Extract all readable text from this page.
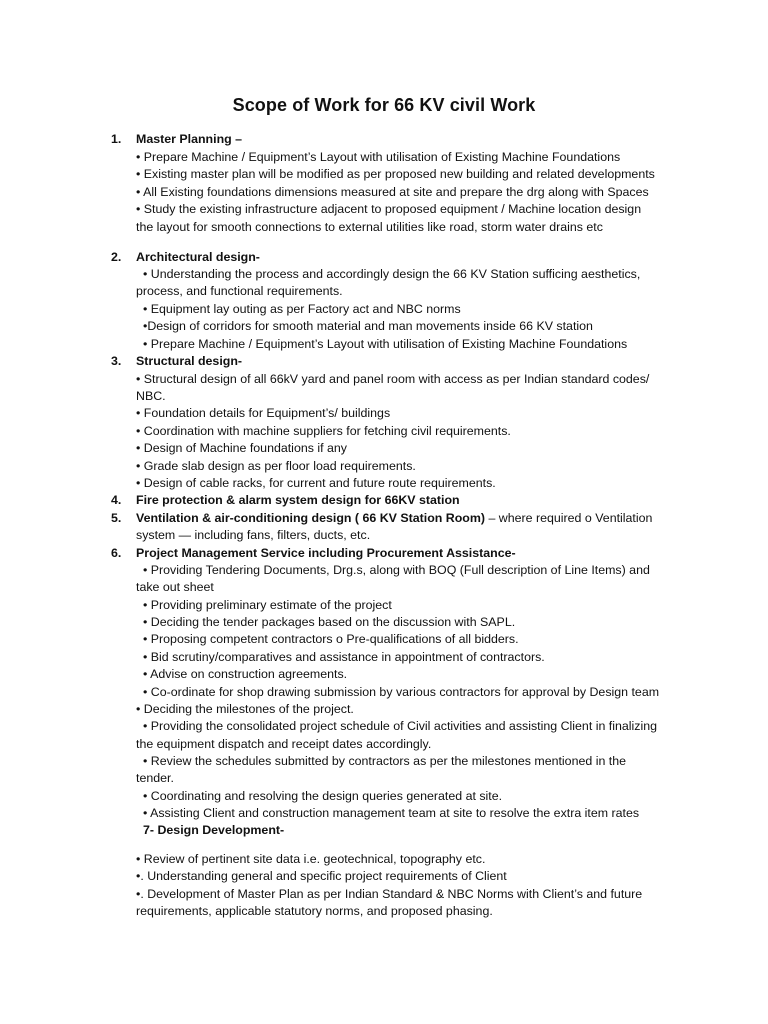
Scope of Work for 66 KV civil Work
1. Master Planning –
• Prepare Machine / Equipment’s Layout with utilisation of Existing Machine Foundations
• Existing master plan will be modified as per proposed new building and related developments
• All Existing foundations dimensions measured at site and prepare the drg along with Spaces
• Study the existing infrastructure adjacent to proposed equipment / Machine location design
the layout for smooth connections to external utilities like road, storm water drains etc
2. Architectural design-
• Understanding the process and accordingly design the 66 KV Station sufficing aesthetics,
process, and functional requirements.
• Equipment lay outing as per Factory act and NBC norms
•Design of corridors for smooth material and man movements inside 66 KV station
• Prepare Machine / Equipment’s Layout with utilisation of Existing Machine Foundations
3. Structural design-
• Structural design of all 66kV yard and panel room with access as per Indian standard codes/
NBC.
• Foundation details for Equipment’s/ buildings
• Coordination with machine suppliers for fetching civil requirements.
• Design of Machine foundations if any
• Grade slab design as per floor load requirements.
• Design of cable racks, for current and future route requirements.
4. Fire protection & alarm system design for 66KV station
5. Ventilation & air-conditioning design ( 66 KV Station Room) – where required o Ventilation
system — including fans, filters, ducts, etc.
6. Project Management Service including Procurement Assistance-
• Providing Tendering Documents, Drg.s, along with BOQ (Full description of Line Items) and
take out sheet
• Providing preliminary estimate of the project
• Deciding the tender packages based on the discussion with SAPL.
• Proposing competent contractors o Pre-qualifications of all bidders.
• Bid scrutiny/comparatives and assistance in appointment of contractors.
• Advise on construction agreements.
• Co-ordinate for shop drawing submission by various contractors for approval by Design team
• Deciding the milestones of the project.
• Providing the consolidated project schedule of Civil activities and assisting Client in finalizing
the equipment dispatch and receipt dates accordingly.
• Review the schedules submitted by contractors as per the milestones mentioned in the
tender.
• Coordinating and resolving the design queries generated at site.
• Assisting Client and construction management team at site to resolve the extra item rates
7- Design Development-
• Review of pertinent site data i.e. geotechnical, topography etc.
•. Understanding general and specific project requirements of Client
•. Development of Master Plan as per Indian Standard & NBC Norms with Client’s and future
requirements, applicable statutory norms, and proposed phasing.
